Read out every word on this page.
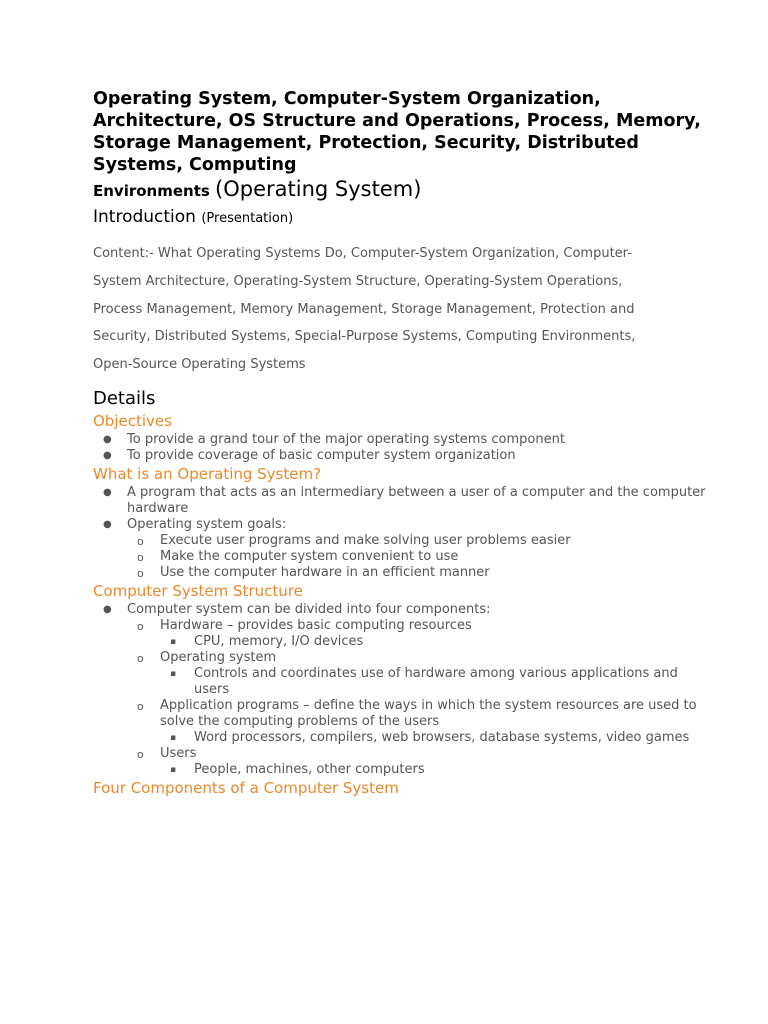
Operating System, Computer-System Organization, Architecture, OS Structure and Operations, Process, Memory, Storage Management, Protection, Security, Distributed Systems, Computing

Environments (Operating System)

Introduction (Presentation)

Content:- What Operating Systems Do, Computer-System Organization, Computer-System Architecture, Operating-System Structure, Operating-System Operations, Process Management, Memory Management, Storage Management, Protection and Security, Distributed Systems, Special-Purpose Systems, Computing Environments, Open-Source Operating Systems

Details

Objectives

● To provide a grand tour of the major operating systems component
● To provide coverage of basic computer system organization

What is an Operating System?

● A program that acts as an intermediary between a user of a computer and the computer hardware
● Operating system goals:
o Execute user programs and make solving user problems easier
o Make the computer system convenient to use
o Use the computer hardware in an efficient manner

Computer System Structure

● Computer system can be divided into four components:
o Hardware – provides basic computing resources
▪ CPU, memory, I/O devices
o Operating system
▪ Controls and coordinates use of hardware among various applications and users
o Application programs – define the ways in which the system resources are used to solve the computing problems of the users
▪ Word processors, compilers, web browsers, database systems, video games
o Users
▪ People, machines, other computers

Four Components of a Computer System
